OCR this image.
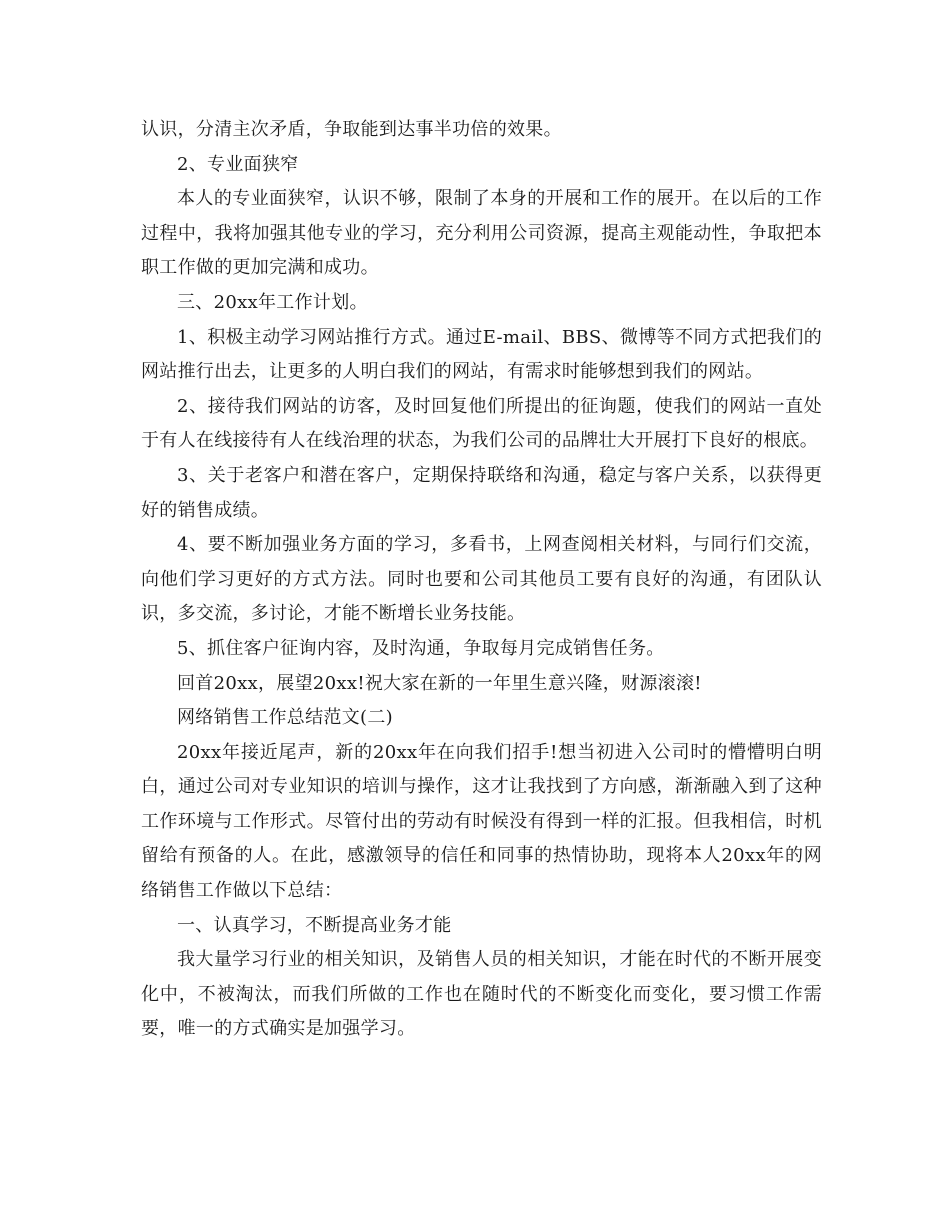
认识，分清主次矛盾，争取能到达事半功倍的效果。

2、专业面狭窄

本人的专业面狭窄，认识不够，限制了本身的开展和工作的展开。在以后的工作过程中，我将加强其他专业的学习，充分利用公司资源，提高主观能动性，争取把本职工作做的更加完满和成功。

三、20xx年工作计划。

1、积极主动学习网站推行方式。通过E-mail、BBS、微博等不同方式把我们的网站推行出去，让更多的人明白我们的网站，有需求时能够想到我们的网站。

2、接待我们网站的访客，及时回复他们所提出的征询题，使我们的网站一直处于有人在线接待有人在线治理的状态，为我们公司的品牌壮大开展打下良好的根底。

3、关于老客户和潜在客户，定期保持联络和沟通，稳定与客户关系，以获得更好的销售成绩。

4、要不断加强业务方面的学习，多看书，上网查阅相关材料，与同行们交流，向他们学习更好的方式方法。同时也要和公司其他员工要有良好的沟通，有团队认识，多交流，多讨论，才能不断增长业务技能。

5、抓住客户征询内容，及时沟通，争取每月完成销售任务。

回首20xx，展望20xx!祝大家在新的一年里生意兴隆，财源滚滚!

网络销售工作总结范文(二)

20xx年接近尾声，新的20xx年在向我们招手!想当初进入公司时的懵懵明白明白，通过公司对专业知识的培训与操作，这才让我找到了方向感，渐渐融入到了这种工作环境与工作形式。尽管付出的劳动有时候没有得到一样的汇报。但我相信，时机留给有预备的人。在此，感激领导的信任和同事的热情协助，现将本人20xx年的网络销售工作做以下总结：

一、认真学习，不断提高业务才能

我大量学习行业的相关知识，及销售人员的相关知识，才能在时代的不断开展变化中，不被淘汰，而我们所做的工作也在随时代的不断变化而变化，要习惯工作需要，唯一的方式确实是加强学习。
